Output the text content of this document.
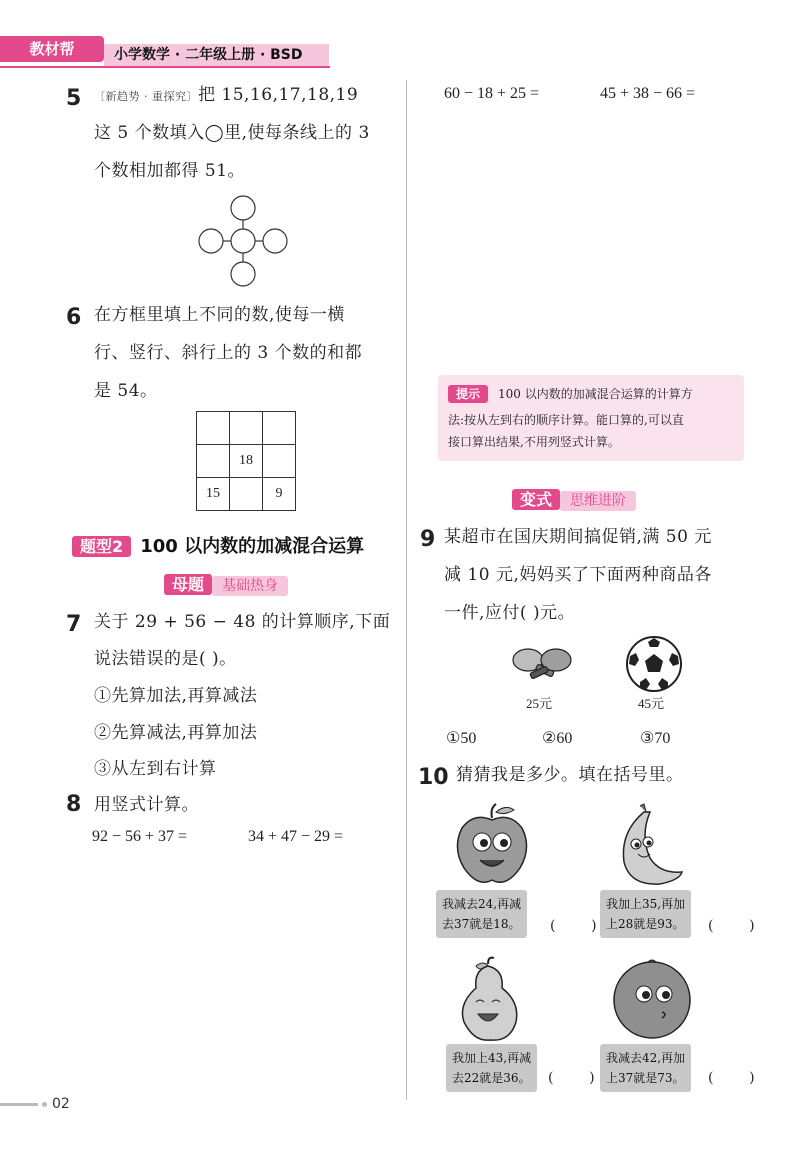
教材帮	小学数学 · 二年级上册 · BSD
5 〔新趋势 · 重探究〕把 15,16,17,18,19
这 5 个数填入◯里,使每条线上的 3
个数相加都得 51。
6 在方框里填上不同的数,使每一横
行、竖行、斜行上的 3 个数的和都
是 54。

	18	
15		9
题型2 100 以内数的加减混合运算
母题 基础热身
7 关于 29 + 56 − 48 的计算顺序,下面
说法错误的是( )。
①先算加法,再算减法
②先算减法,再算加法
③从左到右计算
8 用竖式计算。
92 − 56 + 37 =	34 + 47 − 29 =
60 − 18 + 25 =	45 + 38 − 66 =
提示 100 以内数的加减混合运算的计算方
法:按从左到右的顺序计算。能口算的,可以直
接口算出结果,不用列竖式计算。
变式 思维进阶
9 某超市在国庆期间搞促销,满 50 元
减 10 元,妈妈买了下面两种商品各
一件,应付( )元。
25元	45元
①50	②60	③70
10 猜猜我是多少。填在括号里。
我减去24,再减
去37就是18。 (        )
我加上35,再加
上28就是93。 (        )
我加上43,再减
去22就是36。 (        )
我减去42,再加
上37就是73。 (        )
02
